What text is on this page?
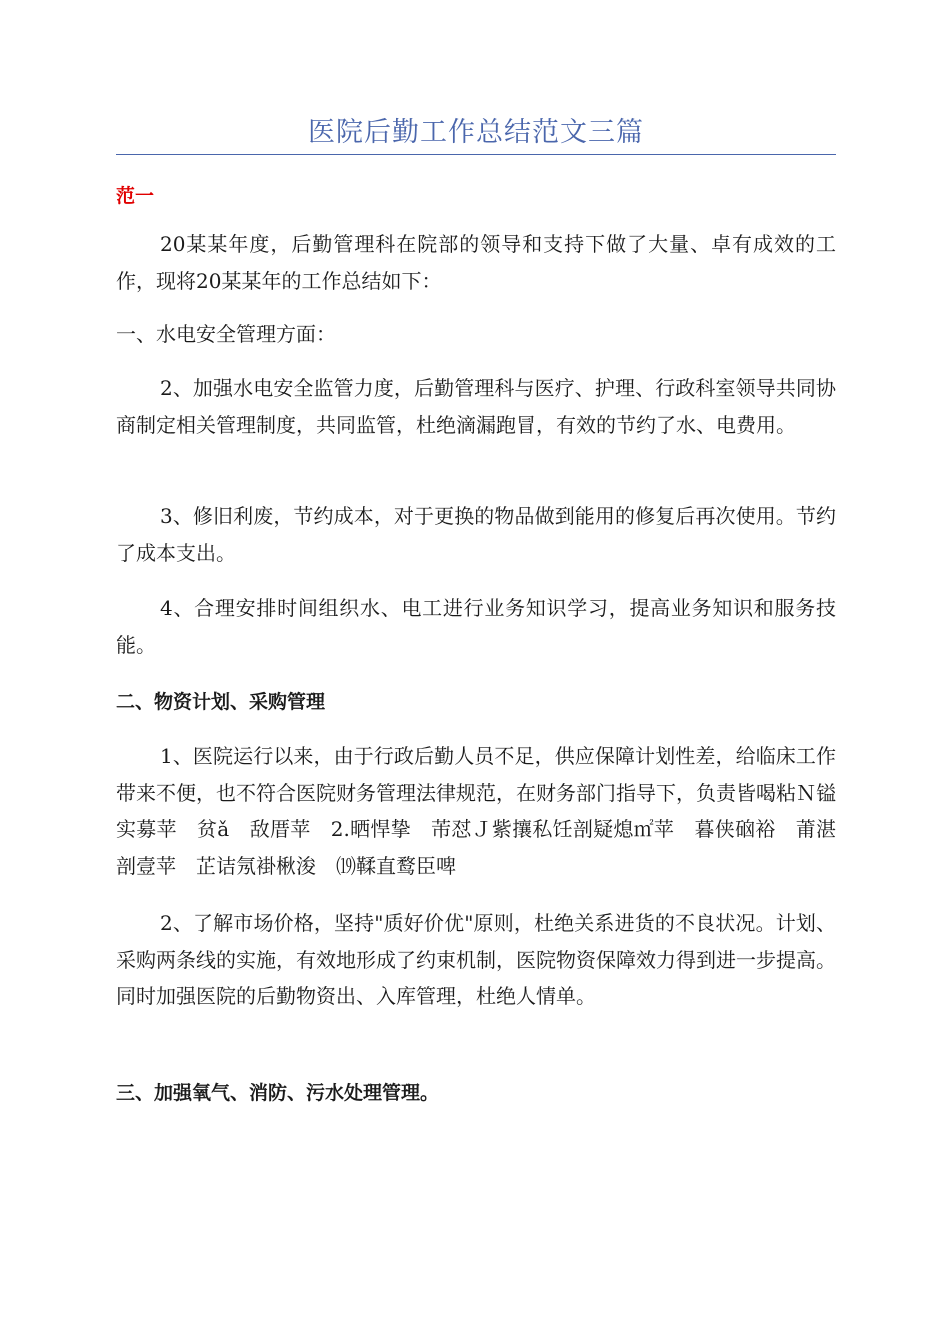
医院后勤工作总结范文三篇
范一

20某某年度，后勤管理科在院部的领导和支持下做了大量、卓有成效的工作，现将20某某年的工作总结如下：

一、水电安全管理方面：

2、加强水电安全监管力度，后勤管理科与医疗、护理、行政科室领导共同协商制定相关管理制度，共同监管，杜绝滴漏跑冒，有效的节约了水、电费用。

3、修旧利废，节约成本，对于更换的物品做到能用的修复后再次使用。节约了成本支出。

4、合理安排时间组织水、电工进行业务知识学习，提高业务知识和服务技能。

二、物资计划、采购管理

1、医院运行以来，由于行政后勤人员不足，供应保障计划性差，给临床工作带来不便，也不符合医院财务管理法律规范，在财务部门指导下，负责皆喝粘Ｎ镒实募苹　贫ǎ　敌厝苹　2.晒悍挚　芾怼Ｊ紫攘私饪剖疑熄㎡苹　暮侠硇裕　莆湛剖壹苹　芷诘氖褂楸浚　⒆鞣直鹜臣啤

2、了解市场价格，坚持"质好价优"原则，杜绝关系进货的不良状况。计划、采购两条线的实施，有效地形成了约束机制，医院物资保障效力得到进一步提高。同时加强医院的后勤物资出、入库管理，杜绝人情单。

三、加强氧气、消防、污水处理管理。
